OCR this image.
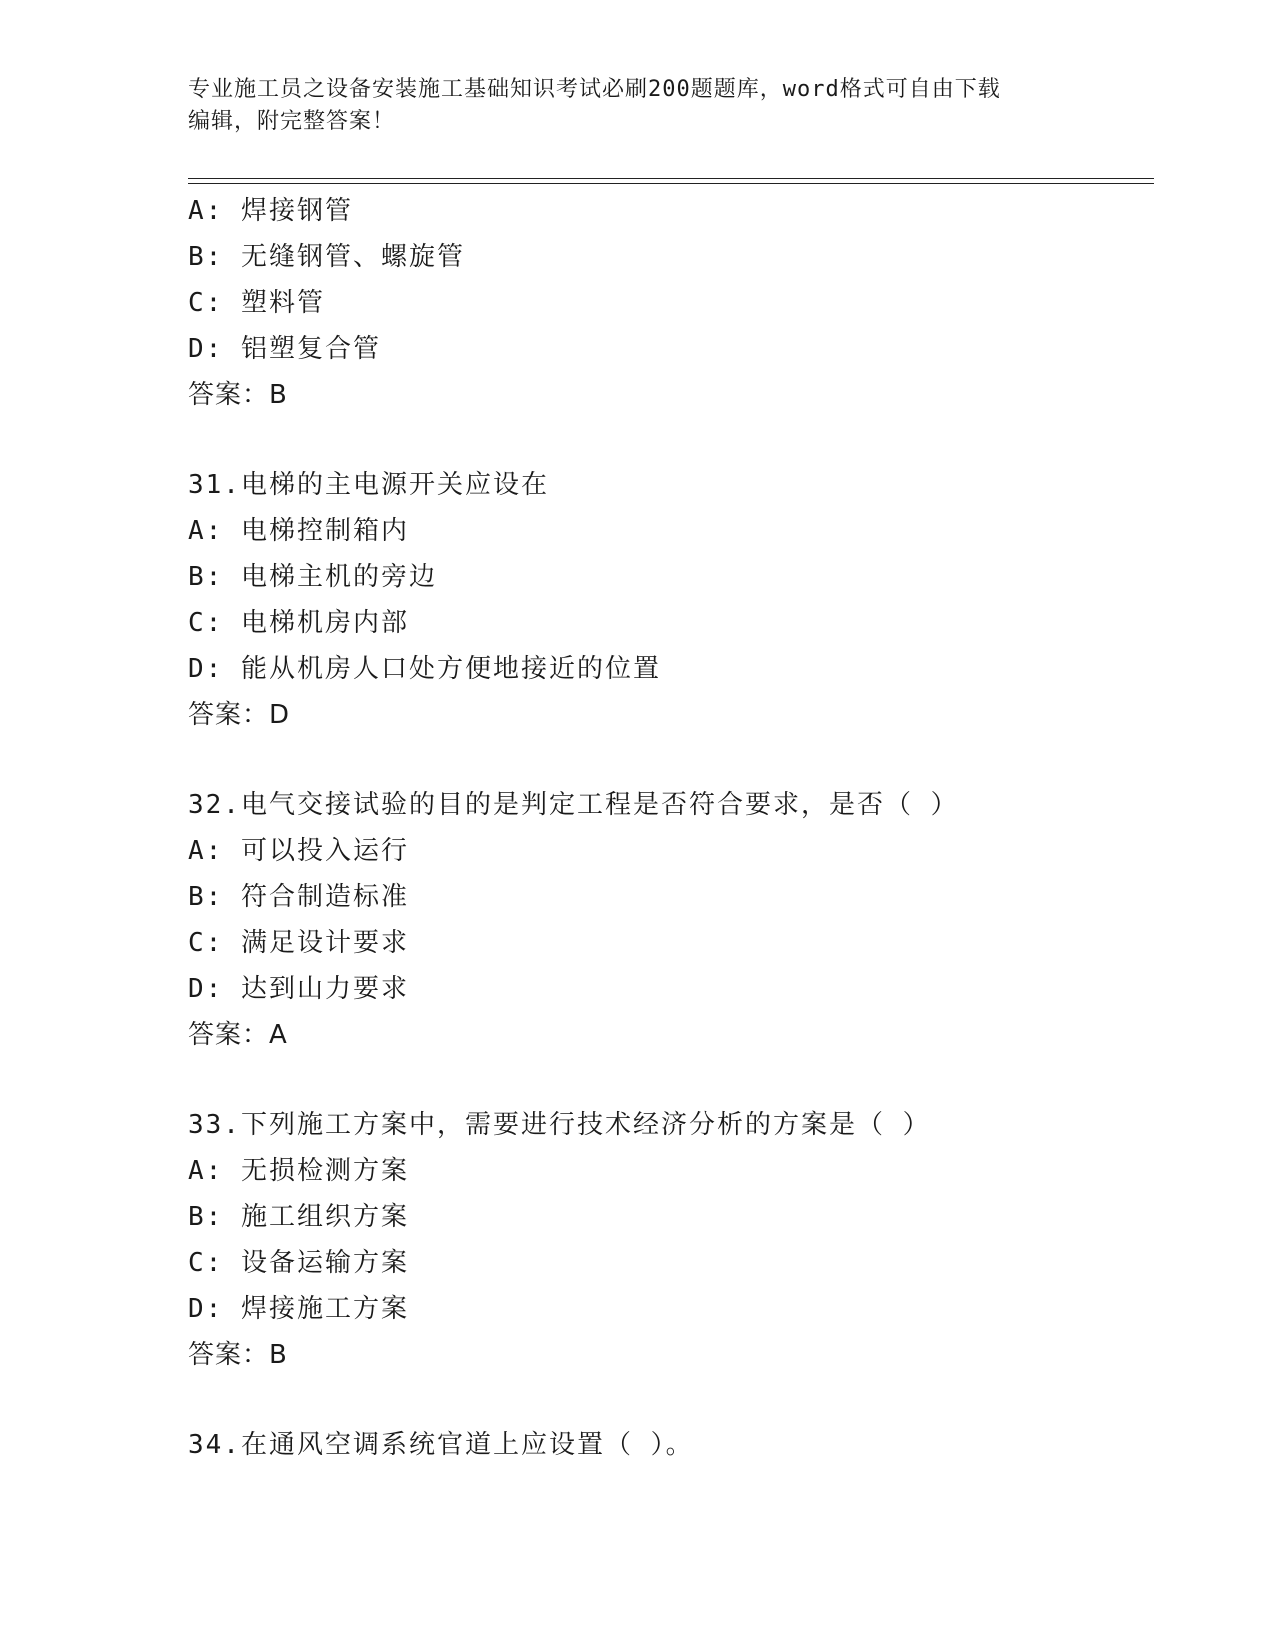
专业施工员之设备安装施工基础知识考试必刷200题题库，word格式可自由下载
编辑，附完整答案！
A: 焊接钢管
B: 无缝钢管、螺旋管
C: 塑料管
D: 铝塑复合管
答案：B
31.电梯的主电源开关应设在
A: 电梯控制箱内
B: 电梯主机的旁边
C: 电梯机房内部
D: 能从机房人口处方便地接近的位置
答案：D
32.电气交接试验的目的是判定工程是否符合要求，是否（ ）
A: 可以投入运行
B: 符合制造标准
C: 满足设计要求
D: 达到山力要求
答案：A
33.下列施工方案中，需要进行技术经济分析的方案是（ ）
A: 无损检测方案
B: 施工组织方案
C: 设备运输方案
D: 焊接施工方案
答案：B
34.在通风空调系统官道上应设置（ ）。
